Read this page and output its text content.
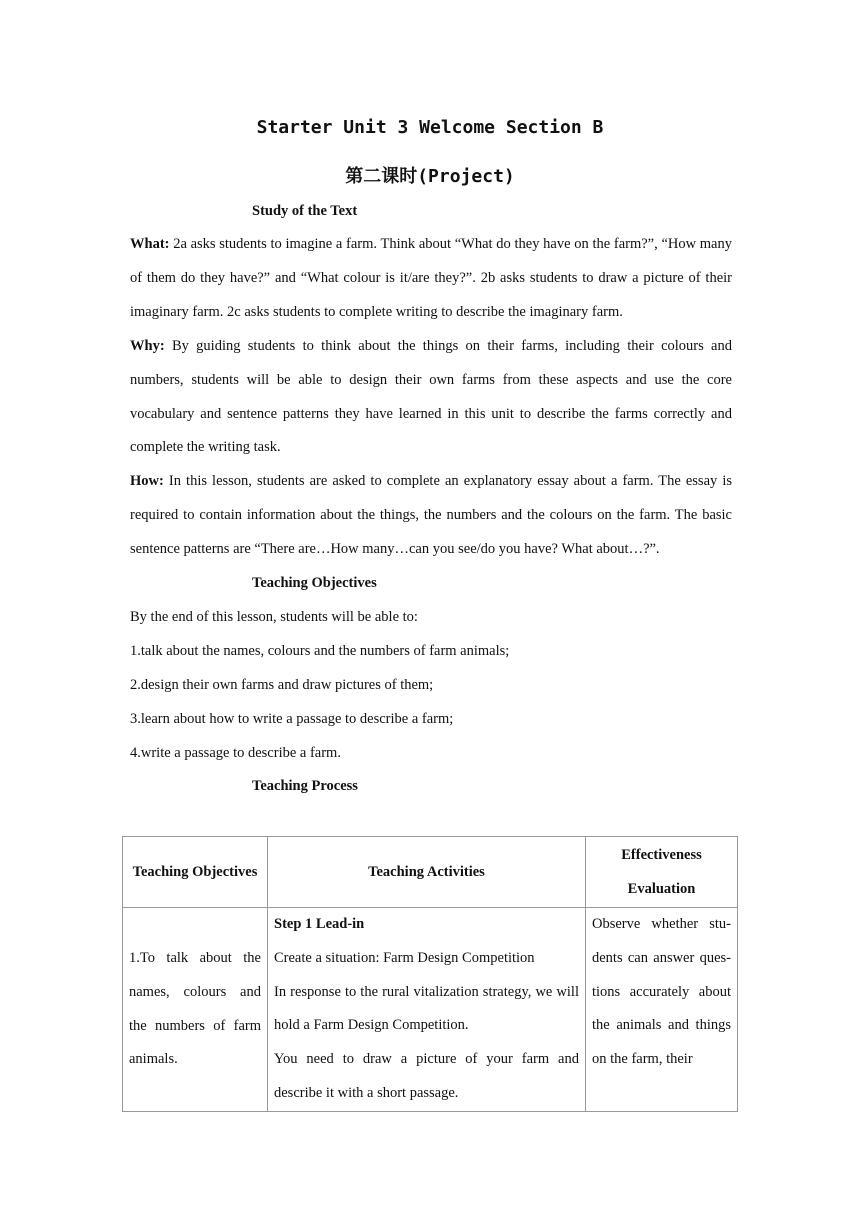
Starter Unit 3 Welcome Section B
第二课时(Project)

Study of the Text

What: 2a asks students to imagine a farm. Think about “What do they have on the farm?”, “How many of them do they have?” and “What colour is it/are they?”. 2b asks students to draw a picture of their imaginary farm. 2c asks students to complete writing to describe the imaginary farm.

Why: By guiding students to think about the things on their farms, including their colours and numbers, students will be able to design their own farms from these aspects and use the core vocabulary and sentence patterns they have learned in this unit to describe the farms correctly and complete the writing task.

How: In this lesson, students are asked to complete an explanatory essay about a farm. The essay is required to contain information about the things, the numbers and the colours on the farm. The basic sentence patterns are “There are…How many…can you see/do you have? What about…?”.

Teaching Objectives

By the end of this lesson, students will be able to:

1.talk about the names, colours and the numbers of farm animals;

2.design their own farms and draw pictures of them;

3.learn about how to write a passage to describe a farm;

4.write a passage to describe a farm.

Teaching Process

Teaching Objectives	Teaching Activities	Effectiveness Evaluation

1.To talk about the names, colours and the numbers of farm animals.	Step 1 Lead-in
Create a situation: Farm Design Competition
In response to the rural vitalization strategy, we will hold a Farm Design Competition.
You need to draw a picture of your farm and describe it with a short passage.	Observe whether stu-dents can answer ques-tions accurately about the animals and things on the farm, their
